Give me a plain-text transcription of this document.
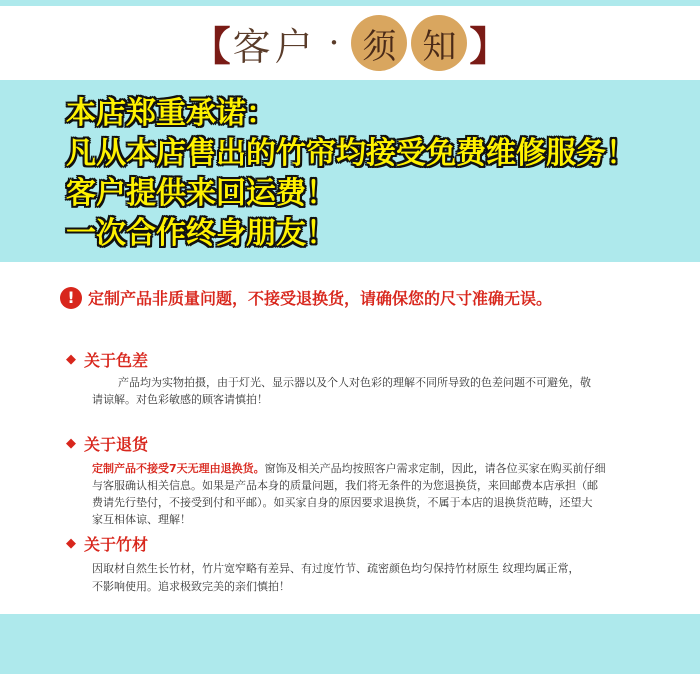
【 客户 · 须 知 】
本店郑重承诺：
凡从本店售出的竹帘均接受免费维修服务！
客户提供来回运费！
一次合作终身朋友！
! 定制产品非质量问题，不接受退换货，请确保您的尺寸准确无误。
◆ 关于色差
产品均为实物拍摄，由于灯光、显示器以及个人对色彩的理解不同所导致的色差问题不可避免，敬
请谅解。对色彩敏感的顾客请慎拍！
◆ 关于退货
定制产品不接受7天无理由退换货。窗饰及相关产品均按照客户需求定制，因此，请各位买家在购买前仔细
与客服确认相关信息。如果是产品本身的质量问题，我们将无条件的为您退换货，来回邮费本店承担（邮
费请先行垫付，不接受到付和平邮）。如买家自身的原因要求退换货，不属于本店的退换货范畴，还望大
家互相体谅、理解！
◆ 关于竹材
因取材自然生长竹材，竹片宽窄略有差异、有过度竹节、疏密颜色均匀保持竹材原生 纹理均属正常，
不影响使用。追求极致完美的亲们慎拍！
